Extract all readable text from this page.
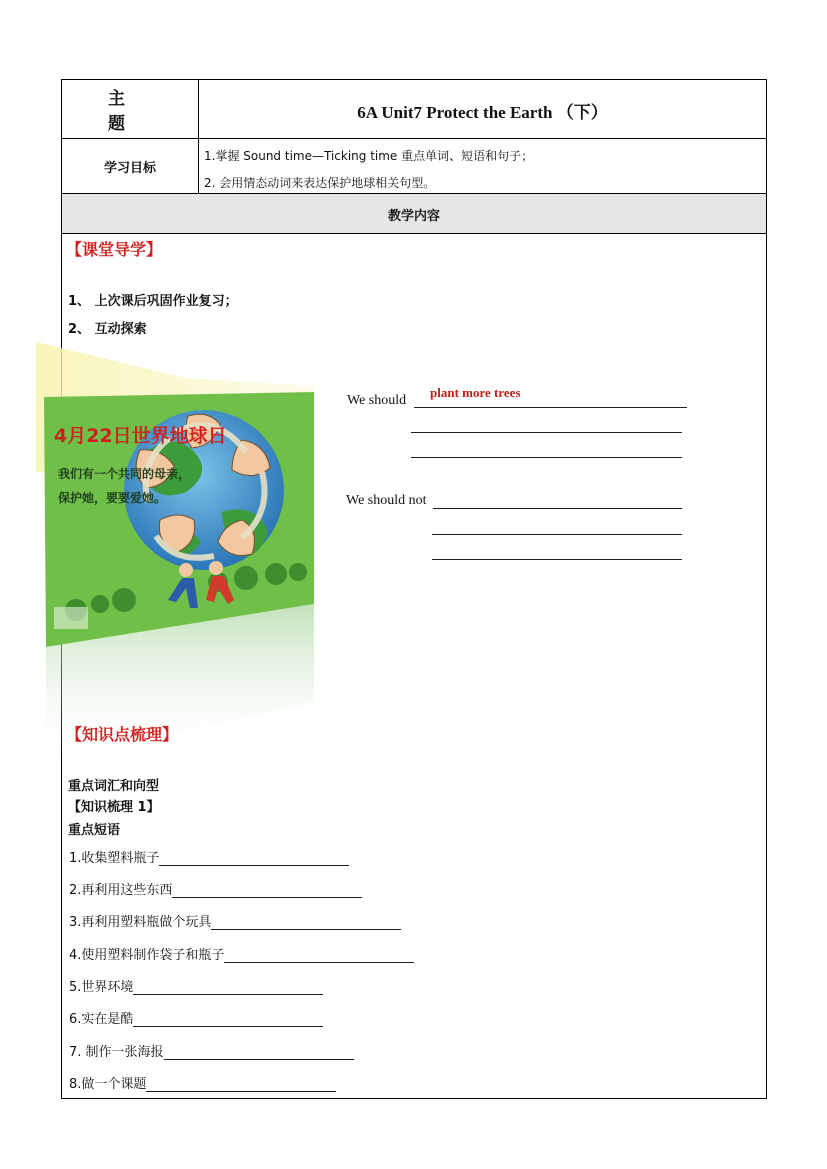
主题
6A Unit7 Protect the Earth （下）
学习目标
1.掌握 Sound time—Ticking time 重点单词、短语和句子；
2. 会用情态动词来表达保护地球相关句型。
教学内容
【课堂导学】
1、 上次课后巩固作业复习；
2、 互动探索
4月22日世界地球日
我们有一个共同的母亲，
保护她，要要爱她。
We should
plant more trees
We should not
【知识点梳理】
重点词汇和向型
【知识梳理 1】
重点短语
1.收集塑料瓶子
2.再利用这些东西
3.再利用塑料瓶做个玩具
4.使用塑料制作袋子和瓶子
5.世界环境
6.实在是酷
7. 制作一张海报
8.做一个课题
